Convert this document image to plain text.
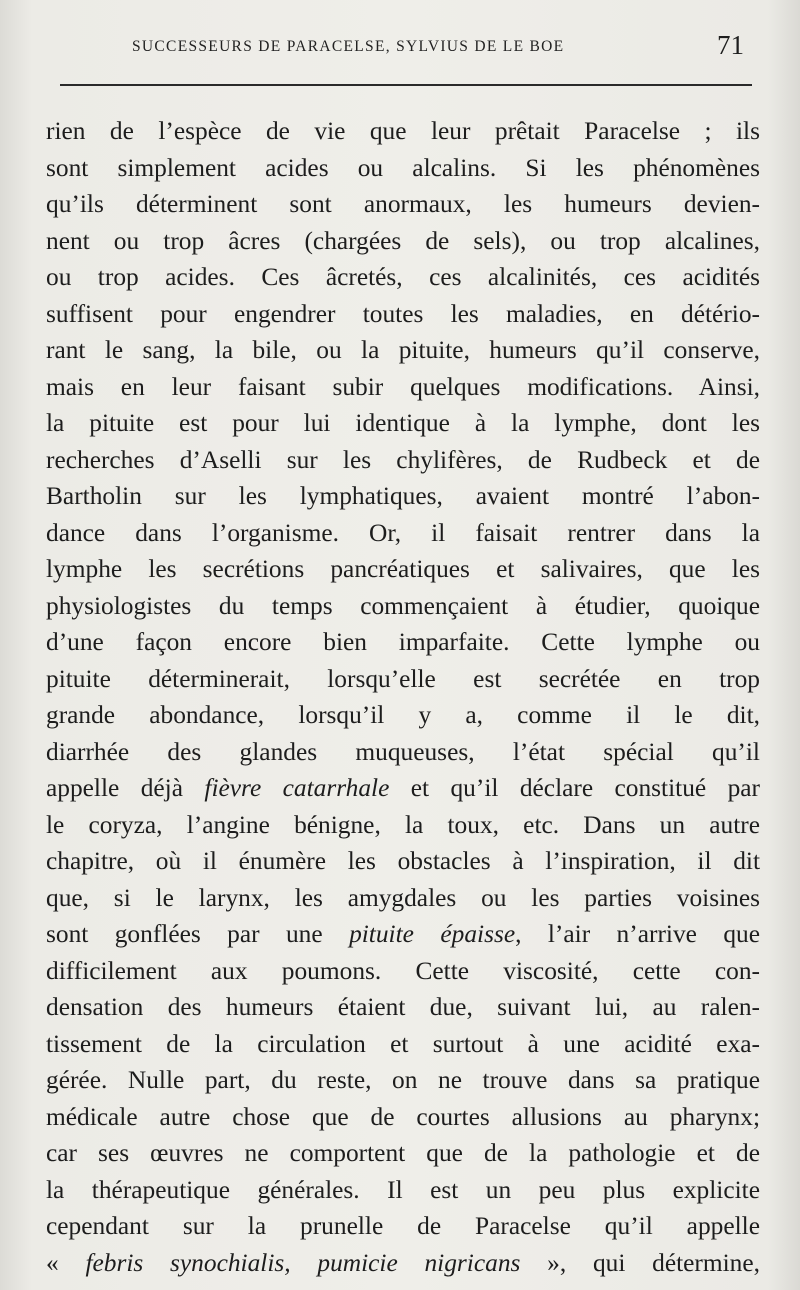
SUCCESSEURS DE PARACELSE, SYLVIUS DE LE BOE	71
rien de l’espèce de vie que leur prêtait Paracelse ; ils
sont simplement acides ou alcalins. Si les phénomènes
qu’ils déterminent sont anormaux, les humeurs devien-
nent ou trop âcres (chargées de sels), ou trop alcalines,
ou trop acides. Ces âcretés, ces alcalinités, ces acidités
suffisent pour engendrer toutes les maladies, en détério-
rant le sang, la bile, ou la pituite, humeurs qu’il conserve,
mais en leur faisant subir quelques modifications. Ainsi,
la pituite est pour lui identique à la lymphe, dont les
recherches d’Aselli sur les chylifères, de Rudbeck et de
Bartholin sur les lymphatiques, avaient montré l’abon-
dance dans l’organisme. Or, il faisait rentrer dans la
lymphe les secrétions pancréatiques et salivaires, que les
physiologistes du temps commençaient à étudier, quoique
d’une façon encore bien imparfaite. Cette lymphe ou
pituite déterminerait, lorsqu’elle est secrétée en trop
grande abondance, lorsqu’il y a, comme il le dit,
diarrhée des glandes muqueuses, l’état spécial qu’il
appelle déjà fièvre catarrhale et qu’il déclare constitué par
le coryza, l’angine bénigne, la toux, etc. Dans un autre
chapitre, où il énumère les obstacles à l’inspiration, il dit
que, si le larynx, les amygdales ou les parties voisines
sont gonflées par une pituite épaisse, l’air n’arrive que
difficilement aux poumons. Cette viscosité, cette con-
densation des humeurs étaient due, suivant lui, au ralen-
tissement de la circulation et surtout à une acidité exa-
gérée. Nulle part, du reste, on ne trouve dans sa pratique
médicale autre chose que de courtes allusions au pharynx;
car ses œuvres ne comportent que de la pathologie et de
la thérapeutique générales. Il est un peu plus explicite
cependant sur la prunelle de Paracelse qu’il appelle
« febris synochialis, pumicie nigricans », qui détermine,
